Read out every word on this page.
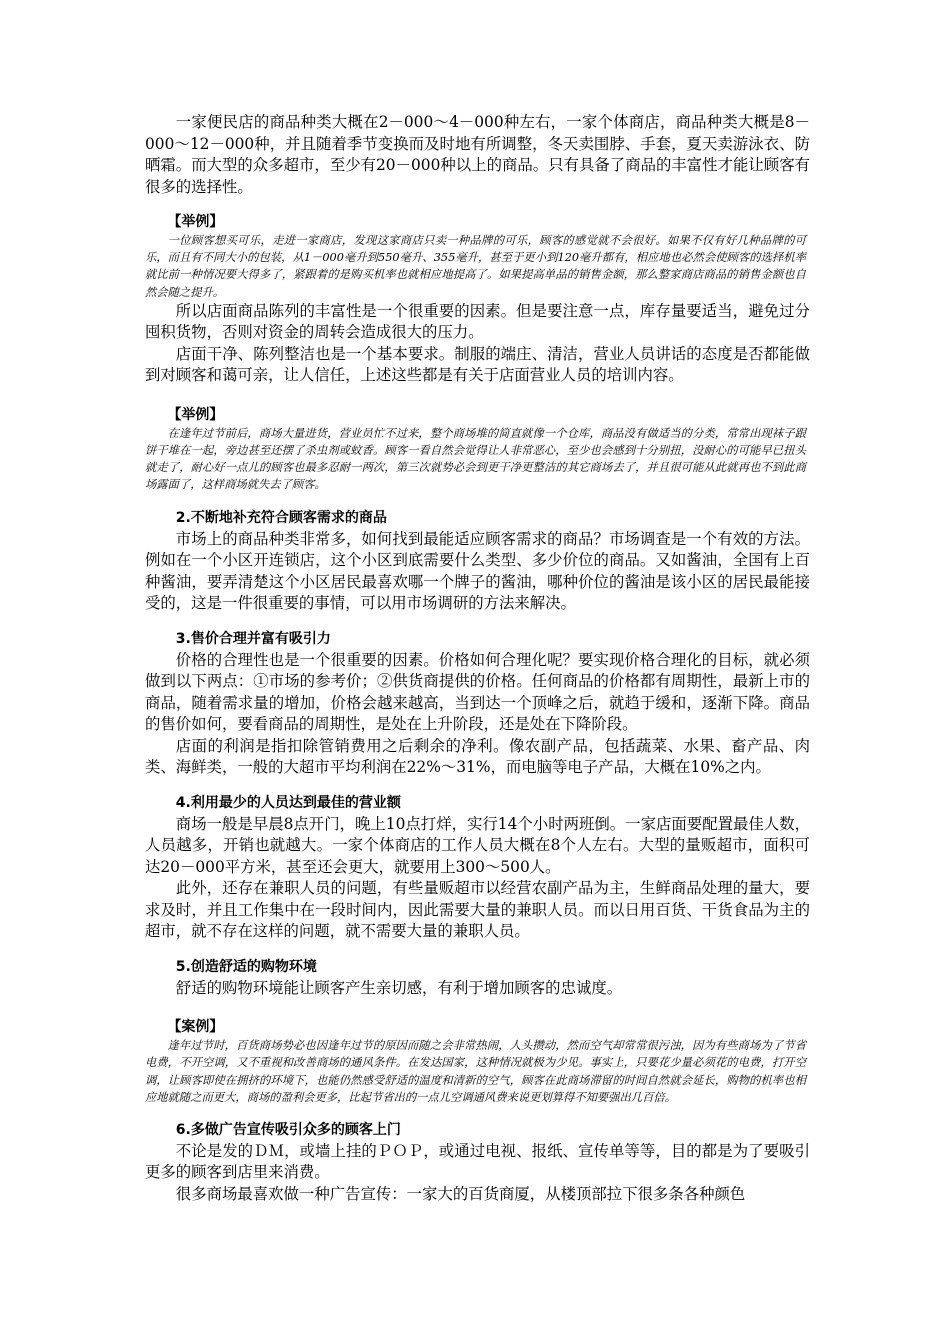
一家便民店的商品种类大概在2－000～4－000种左右，一家个体商店，商品种类大概是8－000～12－000种，并且随着季节变换而及时地有所调整，冬天卖围脖、手套，夏天卖游泳衣、防晒霜。而大型的众多超市，至少有20－000种以上的商品。只有具备了商品的丰富性才能让顾客有很多的选择性。

【举例】

一位顾客想买可乐，走进一家商店，发现这家商店只卖一种品牌的可乐，顾客的感觉就不会很好。如果不仅有好几种品牌的可乐，而且有不同大小的包装，从1－000毫升到550毫升、355毫升，甚至于更小到120毫升都有，相应地也必然会使顾客的选择机率就比前一种情况要大得多了，紧跟着的是购买机率也就相应地提高了。如果提高单品的销售金额，那么整家商店商品的销售金额也自然会随之提升。

所以店面商品陈列的丰富性是一个很重要的因素。但是要注意一点，库存量要适当，避免过分囤积货物，否则对资金的周转会造成很大的压力。

店面干净、陈列整洁也是一个基本要求。制服的端庄、清洁，营业人员讲话的态度是否都能做到对顾客和蔼可亲，让人信任，上述这些都是有关于店面营业人员的培训内容。

【举例】

在逢年过节前后，商场大量进货，营业员忙不过来，整个商场堆的简直就像一个仓库，商品没有做适当的分类，常常出现袜子跟饼干堆在一起，旁边甚至还摆了杀虫剂或蚊香。顾客一看自然会觉得让人非常恶心，至少也会感到十分别扭，没耐心的可能早已扭头就走了，耐心好一点儿的顾客也最多忍耐一两次，第三次就势必会到更干净更整洁的其它商场去了，并且很可能从此就再也不到此商场露面了，这样商场就失去了顾客。

2.不断地补充符合顾客需求的商品

市场上的商品种类非常多，如何找到最能适应顾客需求的商品？市场调查是一个有效的方法。例如在一个小区开连锁店，这个小区到底需要什么类型、多少价位的商品。又如酱油，全国有上百种酱油，要弄清楚这个小区居民最喜欢哪一个牌子的酱油，哪种价位的酱油是该小区的居民最能接受的，这是一件很重要的事情，可以用市场调研的方法来解决。

3.售价合理并富有吸引力

价格的合理性也是一个很重要的因素。价格如何合理化呢？要实现价格合理化的目标，就必须做到以下两点：①市场的参考价；②供货商提供的价格。任何商品的价格都有周期性，最新上市的商品，随着需求量的增加，价格会越来越高，当到达一个顶峰之后，就趋于缓和，逐渐下降。商品的售价如何，要看商品的周期性，是处在上升阶段，还是处在下降阶段。

店面的利润是指扣除管销费用之后剩余的净利。像农副产品，包括蔬菜、水果、畜产品、肉类、海鲜类，一般的大超市平均利润在22%～31%，而电脑等电子产品，大概在10%之内。

4.利用最少的人员达到最佳的营业额

商场一般是早晨8点开门，晚上10点打烊，实行14个小时两班倒。一家店面要配置最佳人数，人员越多，开销也就越大。一家个体商店的工作人员大概在8个人左右。大型的量贩超市，面积可达20－000平方米，甚至还会更大，就要用上300～500人。

此外，还存在兼职人员的问题，有些量贩超市以经营农副产品为主，生鲜商品处理的量大，要求及时，并且工作集中在一段时间内，因此需要大量的兼职人员。而以日用百货、干货食品为主的超市，就不存在这样的问题，就不需要大量的兼职人员。

5.创造舒适的购物环境

舒适的购物环境能让顾客产生亲切感，有利于增加顾客的忠诚度。

【案例】

逢年过节时，百货商场势必也因逢年过节的原因而随之会非常热闹，人头攒动，然而空气却常常很污浊，因为有些商场为了节省电费，不开空调，又不重视和改善商场的通风条件。在发达国家，这种情况就极为少见。事实上，只要花少量必须花的电费，打开空调，让顾客即使在拥挤的环境下，也能仍然感受舒适的温度和清新的空气，顾客在此商场滞留的时间自然就会延长，购物的机率也相应地就随之而更大，商场的盈利会更多，比起节省出的一点儿空调通风费来说更划算得不知要强出几百倍。

6.多做广告宣传吸引众多的顾客上门

不论是发的ＤＭ，或墙上挂的ＰＯＰ，或通过电视、报纸、宣传单等等，目的都是为了要吸引更多的顾客到店里来消费。

很多商场最喜欢做一种广告宣传：一家大的百货商厦，从楼顶部拉下很多条各种颜色
